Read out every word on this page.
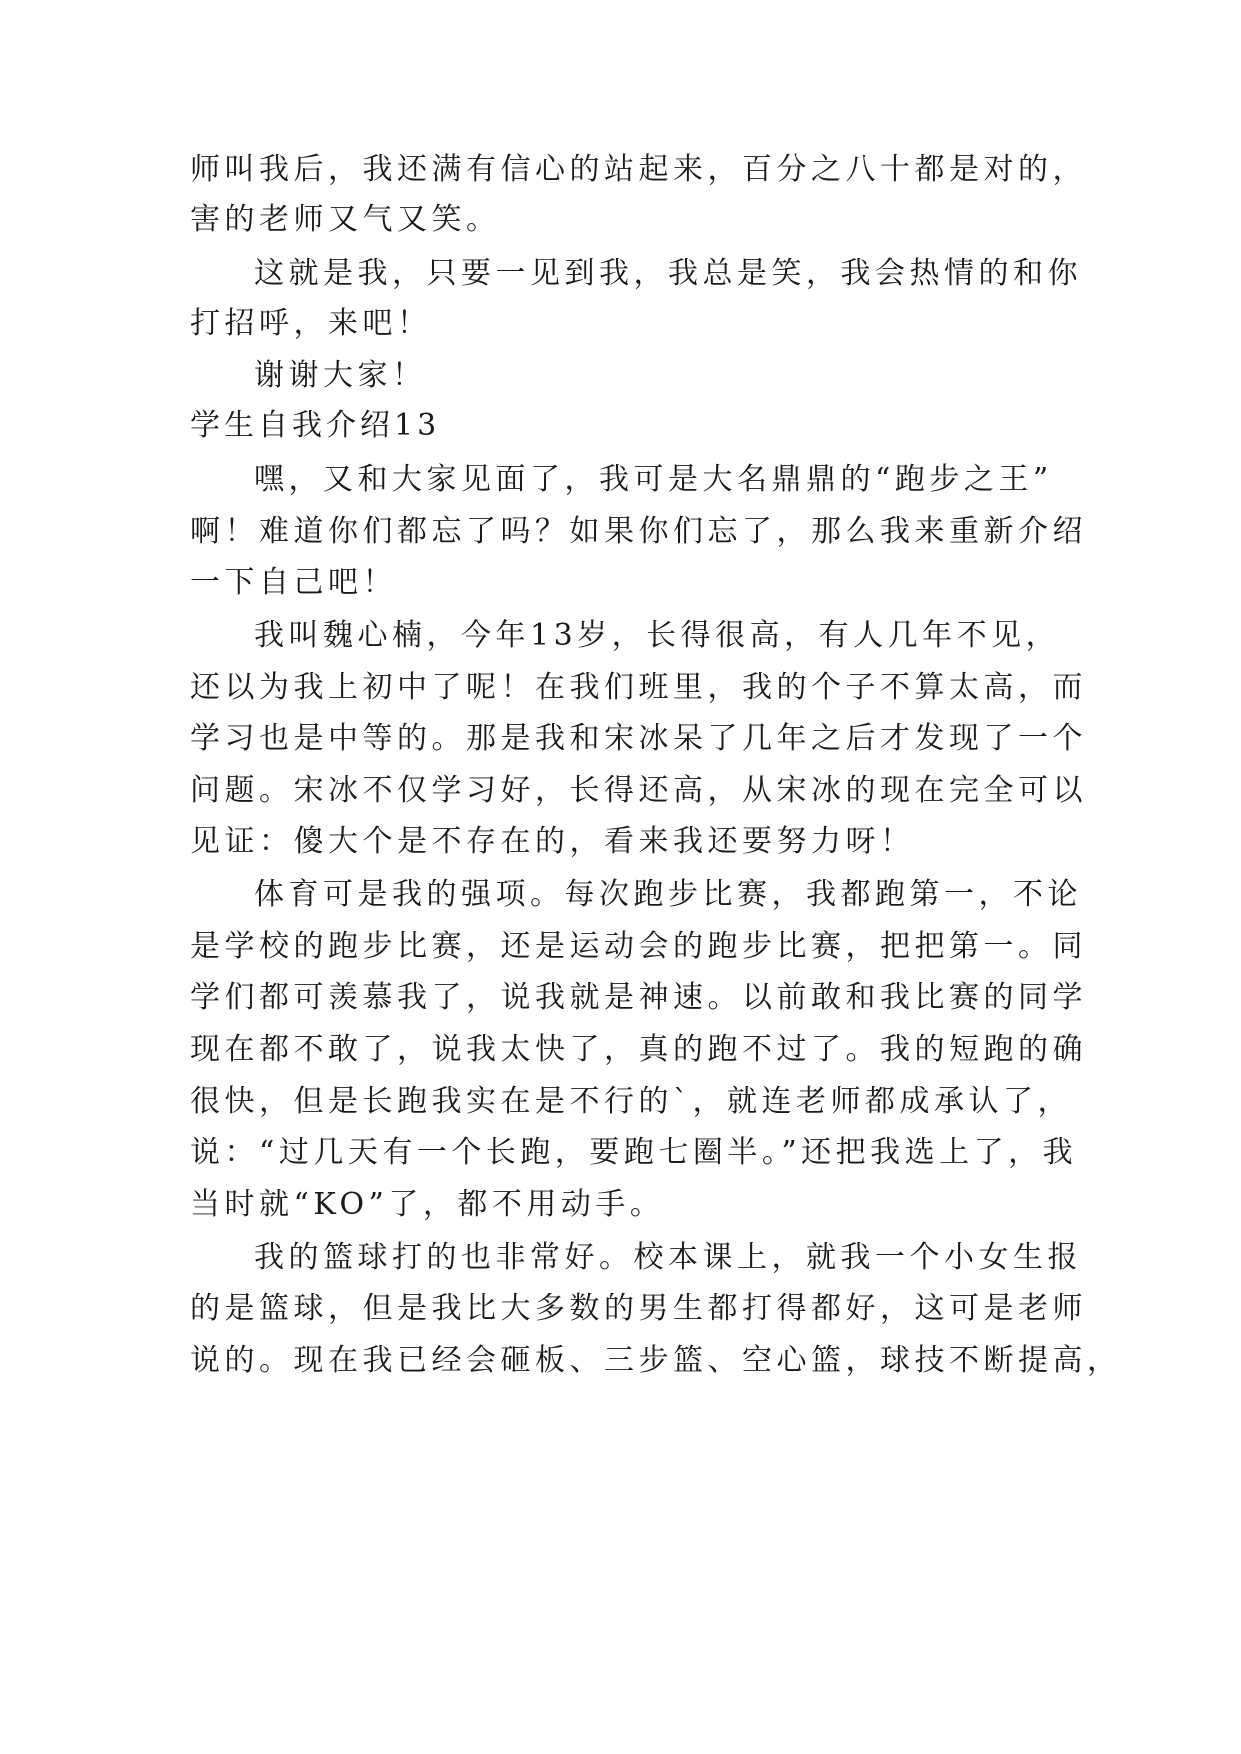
师叫我后，我还满有信心的站起来，百分之八十都是对的，

害的老师又气又笑。

这就是我，只要一见到我，我总是笑，我会热情的和你

打招呼，来吧！

谢谢大家！

学生自我介绍13

嘿，又和大家见面了，我可是大名鼎鼎的“跑步之王”

啊！难道你们都忘了吗？如果你们忘了，那么我来重新介绍

一下自己吧！

我叫魏心楠，今年13岁，长得很高，有人几年不见，

还以为我上初中了呢！在我们班里，我的个子不算太高，而

学习也是中等的。那是我和宋冰呆了几年之后才发现了一个

问题。宋冰不仅学习好，长得还高，从宋冰的现在完全可以

见证：傻大个是不存在的，看来我还要努力呀！

体育可是我的强项。每次跑步比赛，我都跑第一，不论

是学校的跑步比赛，还是运动会的跑步比赛，把把第一。同

学们都可羡慕我了，说我就是神速。以前敢和我比赛的同学

现在都不敢了，说我太快了，真的跑不过了。我的短跑的确

很快，但是长跑我实在是不行的`，就连老师都成承认了，

说：“过几天有一个长跑，要跑七圈半。”还把我选上了，我

当时就“KO”了，都不用动手。

我的篮球打的也非常好。校本课上，就我一个小女生报

的是篮球，但是我比大多数的男生都打得都好，这可是老师

说的。现在我已经会砸板、三步篮、空心篮，球技不断提高，
